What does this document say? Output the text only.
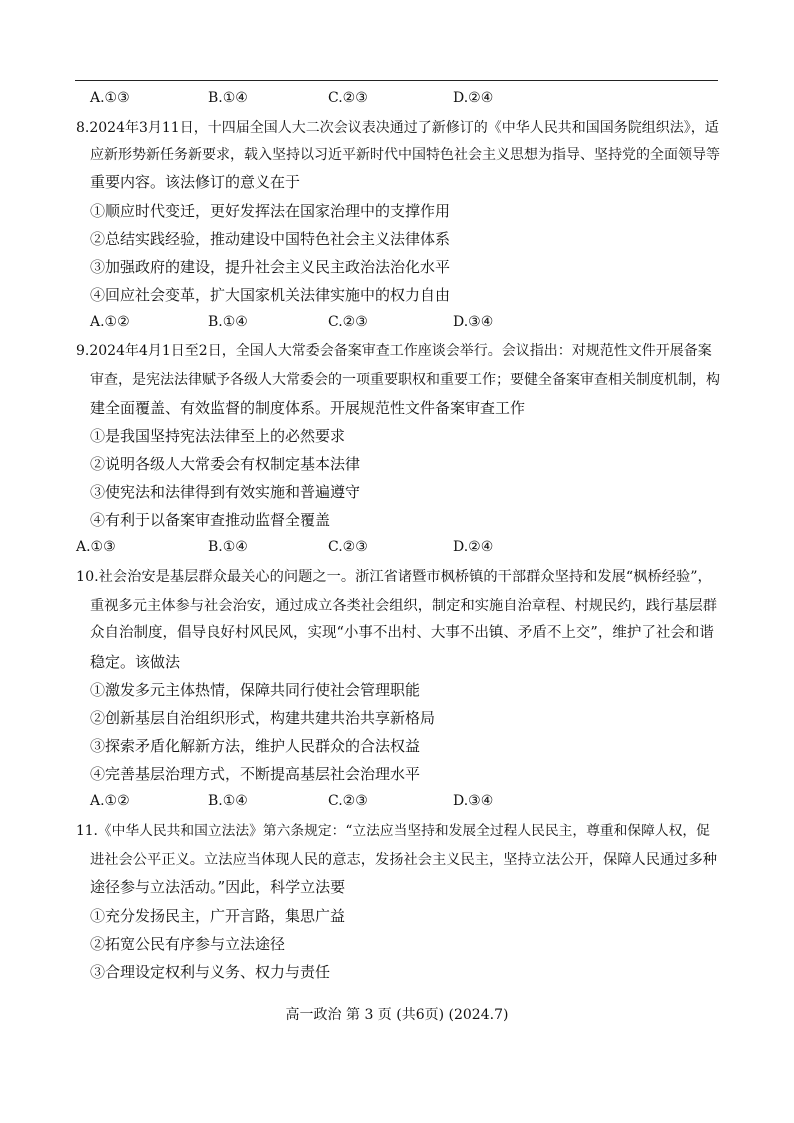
A.①③	B.①④	C.②③	D.②④
8.2024年3月11日，十四届全国人大二次会议表决通过了新修订的《中华人民共和国国务院组织法》，适
应新形势新任务新要求，载入坚持以习近平新时代中国特色社会主义思想为指导、坚持党的全面领导等
重要内容。该法修订的意义在于
①顺应时代变迁，更好发挥法在国家治理中的支撑作用
②总结实践经验，推动建设中国特色社会主义法律体系
③加强政府的建设，提升社会主义民主政治法治化水平
④回应社会变革，扩大国家机关法律实施中的权力自由
A.①②	B.①④	C.②③	D.③④
9.2024年4月1日至2日，全国人大常委会备案审查工作座谈会举行。会议指出：对规范性文件开展备案
审查，是宪法法律赋予各级人大常委会的一项重要职权和重要工作；要健全备案审查相关制度机制，构
建全面覆盖、有效监督的制度体系。开展规范性文件备案审查工作
①是我国坚持宪法法律至上的必然要求
②说明各级人大常委会有权制定基本法律
③使宪法和法律得到有效实施和普遍遵守
④有利于以备案审查推动监督全覆盖
A.①③	B.①④	C.②③	D.②④
10.社会治安是基层群众最关心的问题之一。浙江省诸暨市枫桥镇的干部群众坚持和发展“枫桥经验”，
重视多元主体参与社会治安，通过成立各类社会组织，制定和实施自治章程、村规民约，践行基层群
众自治制度，倡导良好村风民风，实现“小事不出村、大事不出镇、矛盾不上交”，维护了社会和谐
稳定。该做法
①激发多元主体热情，保障共同行使社会管理职能
②创新基层自治组织形式，构建共建共治共享新格局
③探索矛盾化解新方法，维护人民群众的合法权益
④完善基层治理方式，不断提高基层社会治理水平
A.①②	B.①④	C.②③	D.③④
11.《中华人民共和国立法法》第六条规定：“立法应当坚持和发展全过程人民民主，尊重和保障人权，促
进社会公平正义。立法应当体现人民的意志，发扬社会主义民主，坚持立法公开，保障人民通过多种
途径参与立法活动。”因此，科学立法要
①充分发扬民主，广开言路，集思广益
②拓宽公民有序参与立法途径
③合理设定权利与义务、权力与责任
高一政治 第 3 页 (共6页) (2024.7)
